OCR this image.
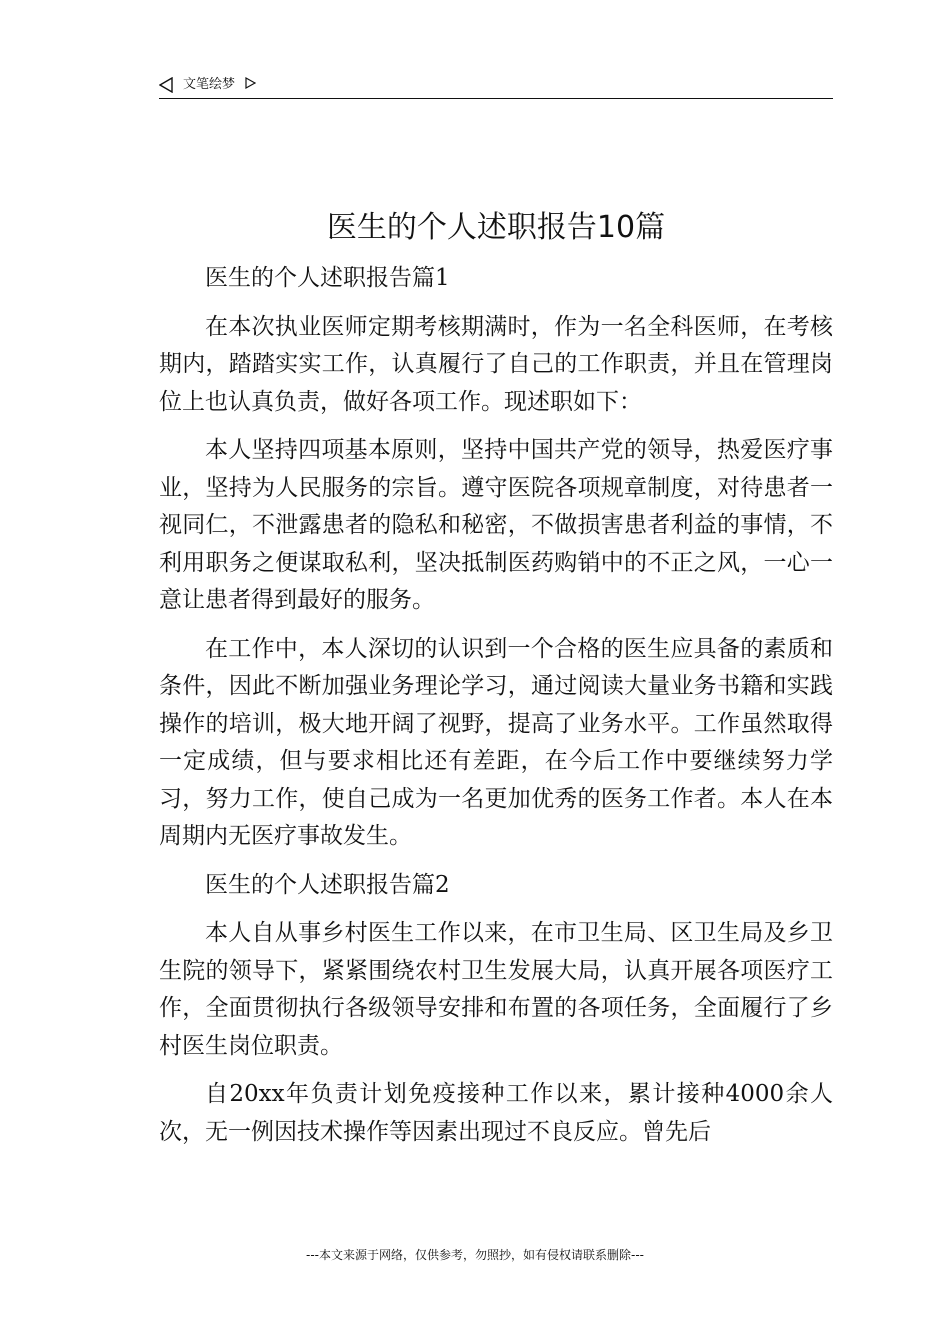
文笔绘梦
医生的个人述职报告10篇

医生的个人述职报告篇1

在本次执业医师定期考核期满时，作为一名全科医师，在考核期内，踏踏实实工作，认真履行了自己的工作职责，并且在管理岗位上也认真负责，做好各项工作。现述职如下：

本人坚持四项基本原则，坚持中国共产党的领导，热爱医疗事业，坚持为人民服务的宗旨。遵守医院各项规章制度，对待患者一视同仁，不泄露患者的隐私和秘密，不做损害患者利益的事情，不利用职务之便谋取私利，坚决抵制医药购销中的不正之风，一心一意让患者得到最好的服务。

在工作中，本人深切的认识到一个合格的医生应具备的素质和条件，因此不断加强业务理论学习，通过阅读大量业务书籍和实践操作的培训，极大地开阔了视野，提高了业务水平。工作虽然取得一定成绩，但与要求相比还有差距，在今后工作中要继续努力学习，努力工作，使自己成为一名更加优秀的医务工作者。本人在本周期内无医疗事故发生。

医生的个人述职报告篇2

本人自从事乡村医生工作以来，在市卫生局、区卫生局及乡卫生院的领导下，紧紧围绕农村卫生发展大局，认真开展各项医疗工作，全面贯彻执行各级领导安排和布置的各项任务，全面履行了乡村医生岗位职责。

自20xx年负责计划免疫接种工作以来，累计接种4000余人次，无一例因技术操作等因素出现过不良反应。曾先后

---本文来源于网络，仅供参考，勿照抄，如有侵权请联系删除---
